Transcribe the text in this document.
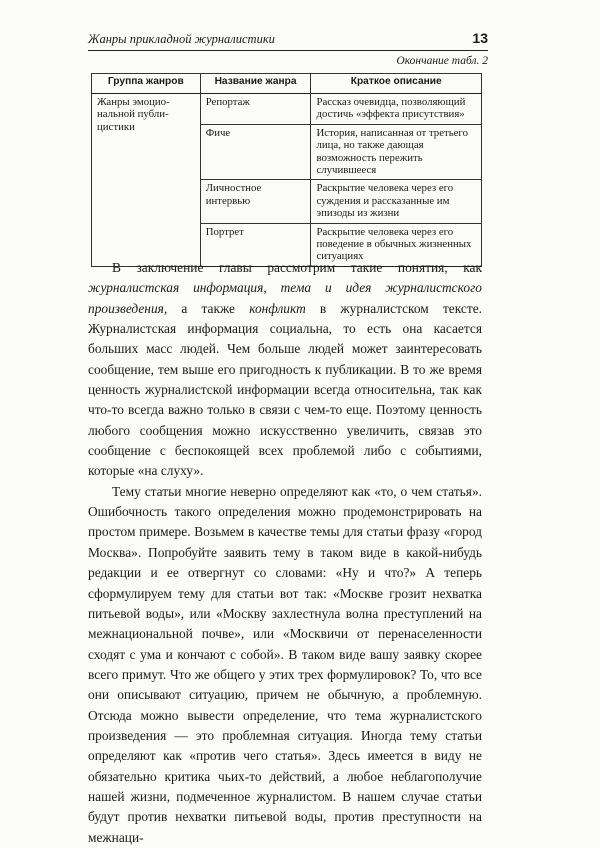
Жанры прикладной журналистики	13
Окончание табл. 2
Группа жанров	Название жанра	Краткое описание
Жанры эмоцио-нальной публи-цистики	Репортаж	Рассказ очевидца, позволяющий достичь «эффекта присутствия»
	Фиче	История, написанная от третьего лица, но также дающая возможность пережить случившееся
	Личностное интервью	Раскрытие человека через его суждения и рассказанные им эпизоды из жизни
	Портрет	Раскрытие человека через его поведение в обычных жизненных ситуациях

В заключение главы рассмотрим такие понятия, как журналистская информация, тема и идея журналистского произведения, а также конфликт в журналистском тексте. Журналистская информация социальна, то есть она касается больших масс людей. Чем больше людей может заинтересовать сообщение, тем выше его пригодность к публикации. В то же время ценность журналистской информации всегда относительна, так как что-то всегда важно только в связи с чем-то еще. Поэтому ценность любого сообщения можно искусственно увеличить, связав это сообщение с беспокоящей всех проблемой либо с событиями, которые «на слуху».

Тему статьи многие неверно определяют как «то, о чем статья». Ошибочность такого определения можно продемонстрировать на простом примере. Возьмем в качестве темы для статьи фразу «город Москва». Попробуйте заявить тему в таком виде в какой-нибудь редакции и ее отвергнут со словами: «Ну и что?» А теперь сформулируем тему для статьи вот так: «Москве грозит нехватка питьевой воды», или «Москву захлестнула волна преступлений на межнациональной почве», или «Москвичи от перенаселенности сходят с ума и кончают с собой». В таком виде вашу заявку скорее всего примут. Что же общего у этих трех формулировок? То, что все они описывают ситуацию, причем не обычную, а проблемную. Отсюда можно вывести определение, что тема журналистского произведения — это проблемная ситуация. Иногда тему статьи определяют как «против чего статья». Здесь имеется в виду не обязательно критика чьих-то действий, а любое неблагополучие нашей жизни, подмеченное журналистом. В нашем случае статьи будут против нехватки питьевой воды, против преступности на межнаци-
